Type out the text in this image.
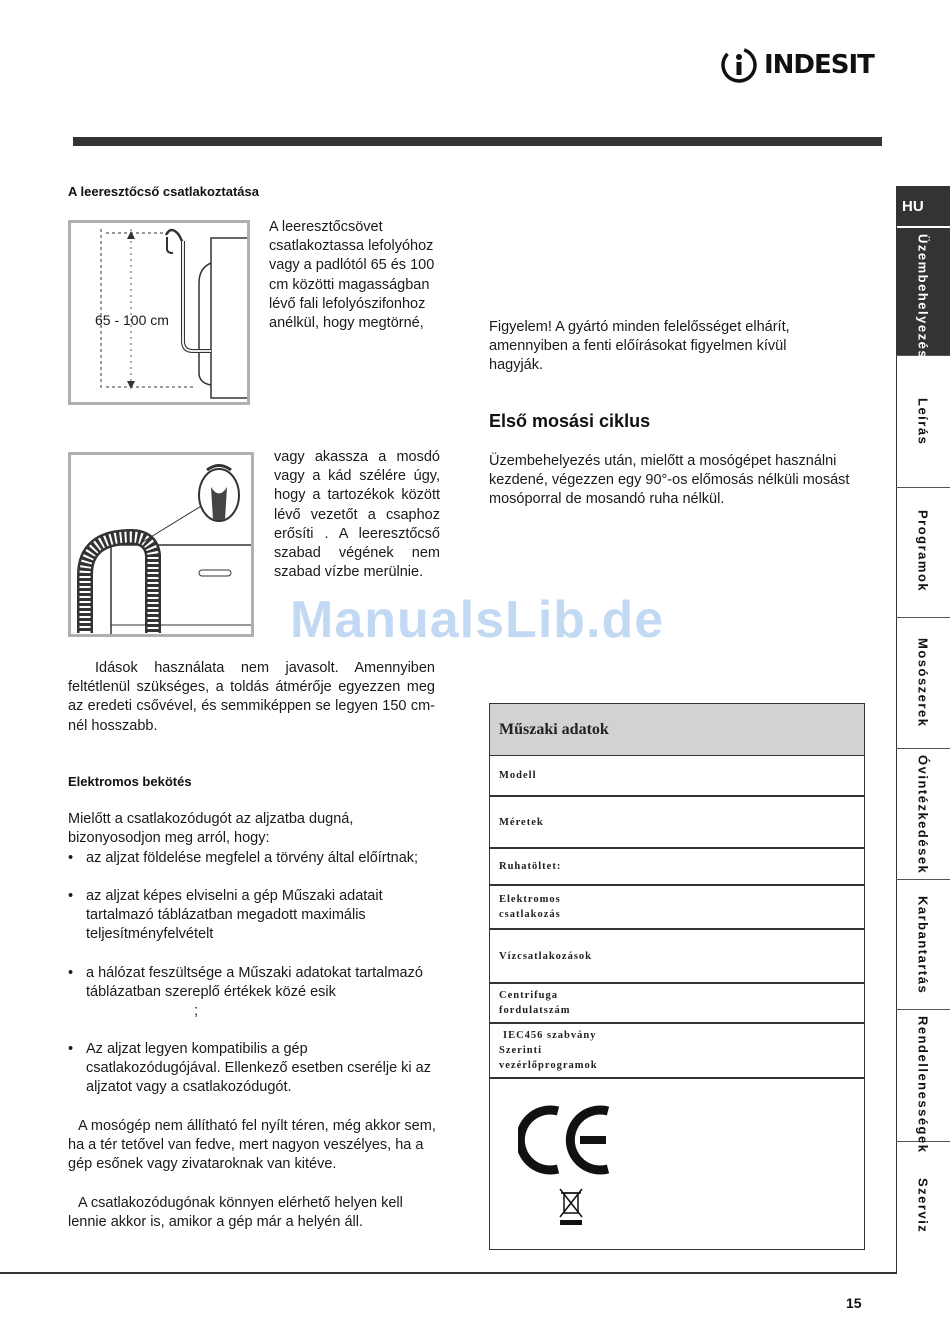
INDESIT
A leeresztőcső csatlakoztatása
65 - 100 cm
A leeresztőcsövet csatlakoztassa lefolyóhoz vagy a padlótól 65 és 100 cm közötti magasságban lévő fali lefolyószifonhoz anélkül, hogy megtörné,
vagy akassza a mosdó vagy a kád szélére úgy, hogy a tartozékok között lévő vezetőt a csaphoz erősíti . A leeresztőcső szabad végének nem szabad vízbe merülnie.
Idások használata nem javasolt. Amennyiben feltétlenül szükséges, a toldás átmérője egyezzen meg az eredeti csővével, és semmiképpen se legyen 150 cm-nél hosszabb.
Elektromos bekötés
Mielőtt a csatlakozódugót az aljzatba dugná, bizonyosodjon meg arról, hogy:
• az aljzat földelése megfelel a törvény által előírtnak;
• az aljzat képes elviselni a gép Műszaki adatait tartalmazó táblázatban megadott maximális teljesítményfelvételt
• a hálózat feszültsége a Műszaki adatokat tartalmazó táblázatban szereplő értékek közé esik
;
• Az aljzat legyen kompatibilis a gép csatlakozódugójával. Ellenkező esetben cserélje ki az aljzatot vagy a csatlakozódugót.
A mosógép nem állítható fel nyílt téren, még akkor sem, ha a tér tetővel van fedve, mert nagyon veszélyes, ha a gép esőnek vagy zivataroknak van kitéve.
A csatlakozódugónak könnyen elérhető helyen kell lennie akkor is, amikor a gép már a helyén áll.
Figyelem! A gyártó minden felelősséget elhárít, amennyiben a fenti előírásokat figyelmen kívül hagyják.
Első mosási ciklus
Üzembehelyezés után, mielőtt a mosógépet használni kezdené, végezzen egy 90°-os előmosás nélküli mosást mosóporral de mosandó ruha nélkül.
Műszaki adatok
Modell
Méretek
Ruhatöltet:
Elektromos
csatlakozás
Vízcsatlakozások
Centrifuga
fordulatszám
IEC456 szabvány
Szerinti
vezérlőprogramok
HU
Üzembehelyezés
Leírás
Programok
Mosószerek
Óvintézkedések
Karbantartás
Rendellenességek
Szerviz
ManualsLib.de
15
